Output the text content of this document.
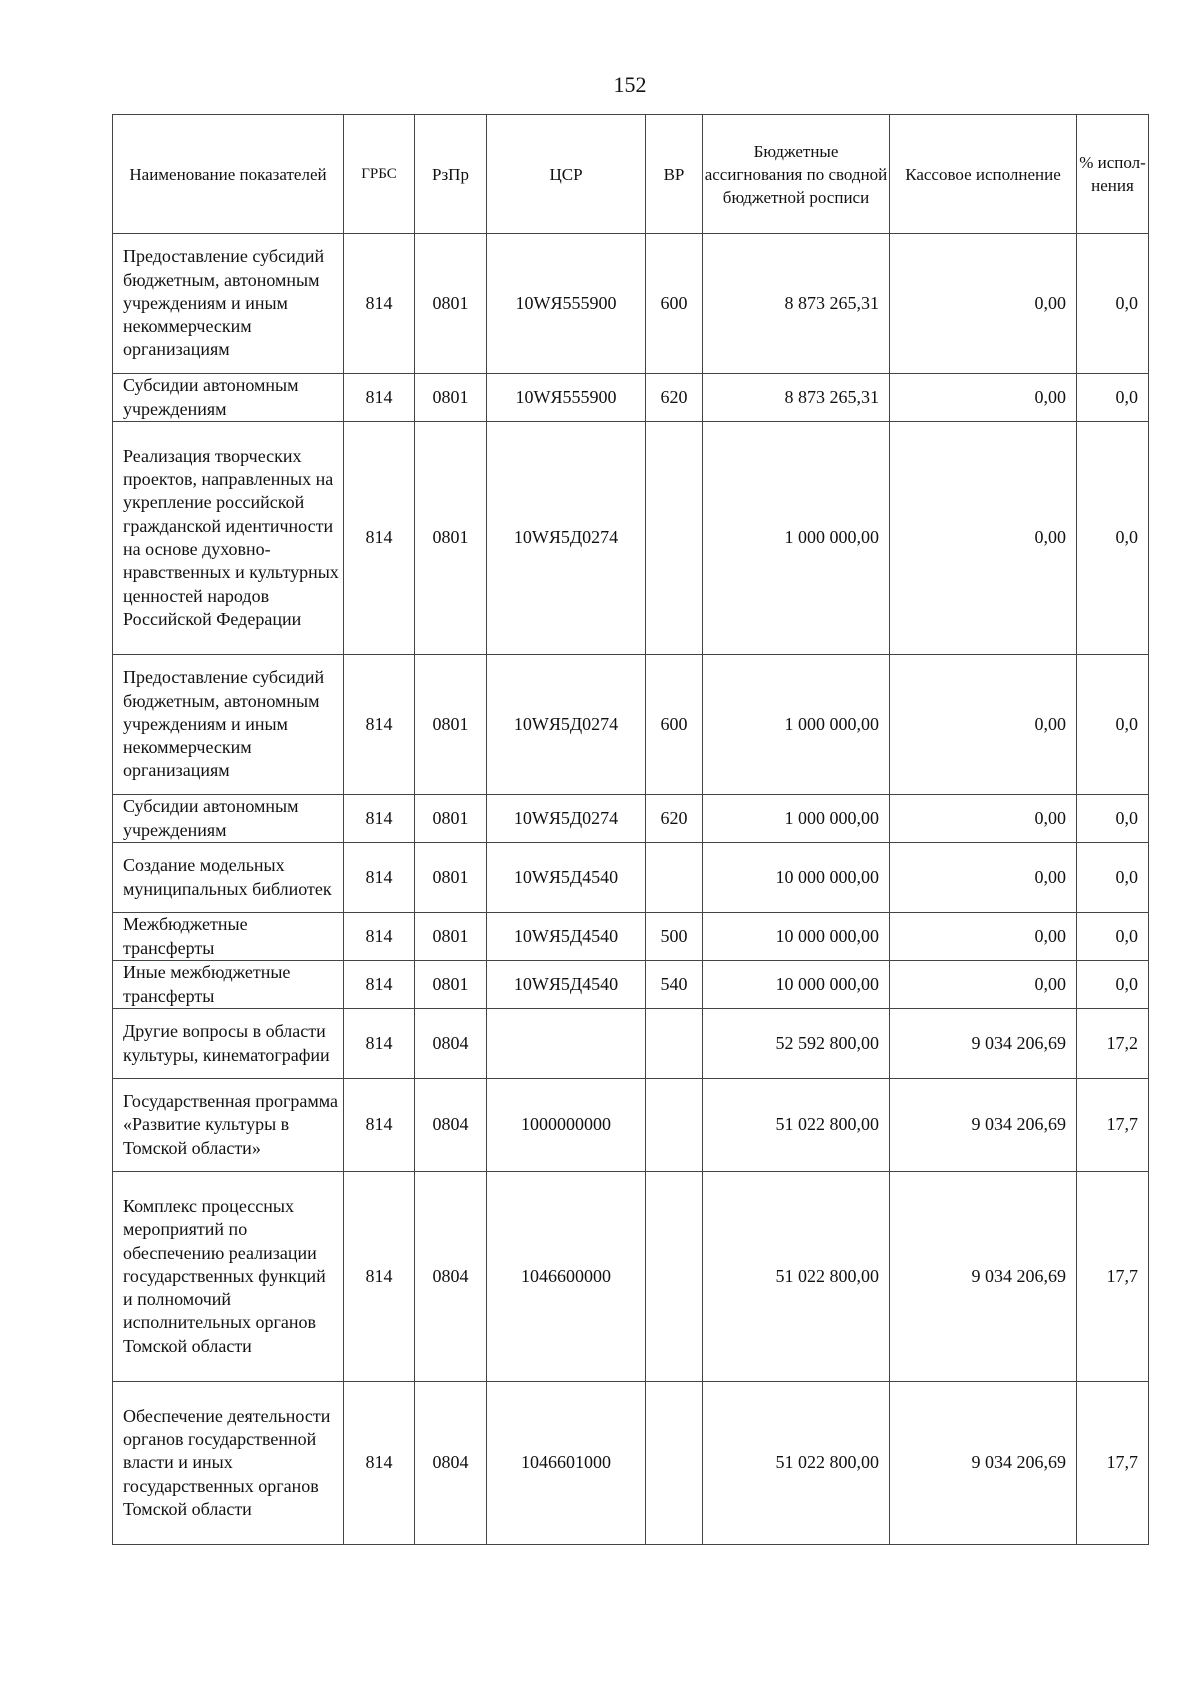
152
Наименование показателей	ГРБС	РзПр	ЦСР	ВР	Бюджетные ассигнования по сводной бюджетной росписи	Кассовое исполнение	% испол-нения
Предоставление субсидий бюджетным, автономным учреждениям и иным некоммерческим организациям	814	0801	10WЯ555900	600	8 873 265,31	0,00	0,0
Субсидии автономным учреждениям	814	0801	10WЯ555900	620	8 873 265,31	0,00	0,0
Реализация творческих проектов, направленных на укрепление российской гражданской идентичности на основе духовно-нравственных и культурных ценностей народов Российской Федерации	814	0801	10WЯ5Д0274		1 000 000,00	0,00	0,0
Предоставление субсидий бюджетным, автономным учреждениям и иным некоммерческим организациям	814	0801	10WЯ5Д0274	600	1 000 000,00	0,00	0,0
Субсидии автономным учреждениям	814	0801	10WЯ5Д0274	620	1 000 000,00	0,00	0,0
Создание модельных муниципальных библиотек	814	0801	10WЯ5Д4540		10 000 000,00	0,00	0,0
Межбюджетные трансферты	814	0801	10WЯ5Д4540	500	10 000 000,00	0,00	0,0
Иные межбюджетные трансферты	814	0801	10WЯ5Д4540	540	10 000 000,00	0,00	0,0
Другие вопросы в области культуры, кинематографии	814	0804			52 592 800,00	9 034 206,69	17,2
Государственная программа «Развитие культуры в Томской области»	814	0804	1000000000		51 022 800,00	9 034 206,69	17,7
Комплекс процессных мероприятий по обеспечению реализации государственных функций и полномочий исполнительных органов Томской области	814	0804	1046600000		51 022 800,00	9 034 206,69	17,7
Обеспечение деятельности органов государственной власти и иных государственных органов Томской области	814	0804	1046601000		51 022 800,00	9 034 206,69	17,7
